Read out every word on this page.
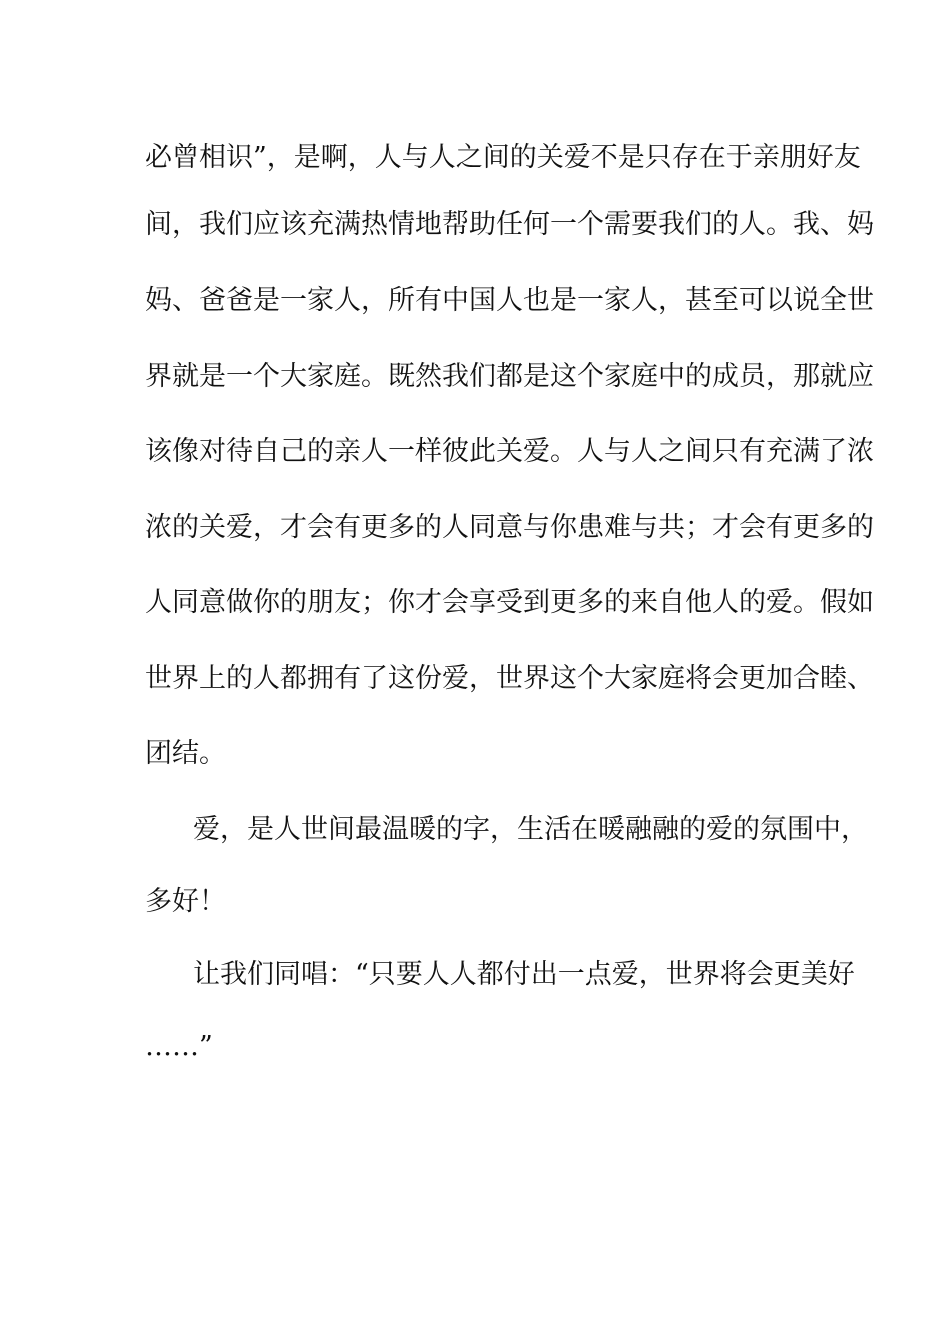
必曾相识”，是啊，人与人之间的关爱不是只存在于亲朋好友
间，我们应该充满热情地帮助任何一个需要我们的人。我、妈
妈、爸爸是一家人，所有中国人也是一家人，甚至可以说全世
界就是一个大家庭。既然我们都是这个家庭中的成员，那就应
该像对待自己的亲人一样彼此关爱。人与人之间只有充满了浓
浓的关爱，才会有更多的人同意与你患难与共；才会有更多的
人同意做你的朋友；你才会享受到更多的来自他人的爱。假如
世界上的人都拥有了这份爱，世界这个大家庭将会更加合睦、
团结。
爱，是人世间最温暖的字，生活在暖融融的爱的氛围中，
多好！
让我们同唱：“只要人人都付出一点爱，世界将会更美好
……”
